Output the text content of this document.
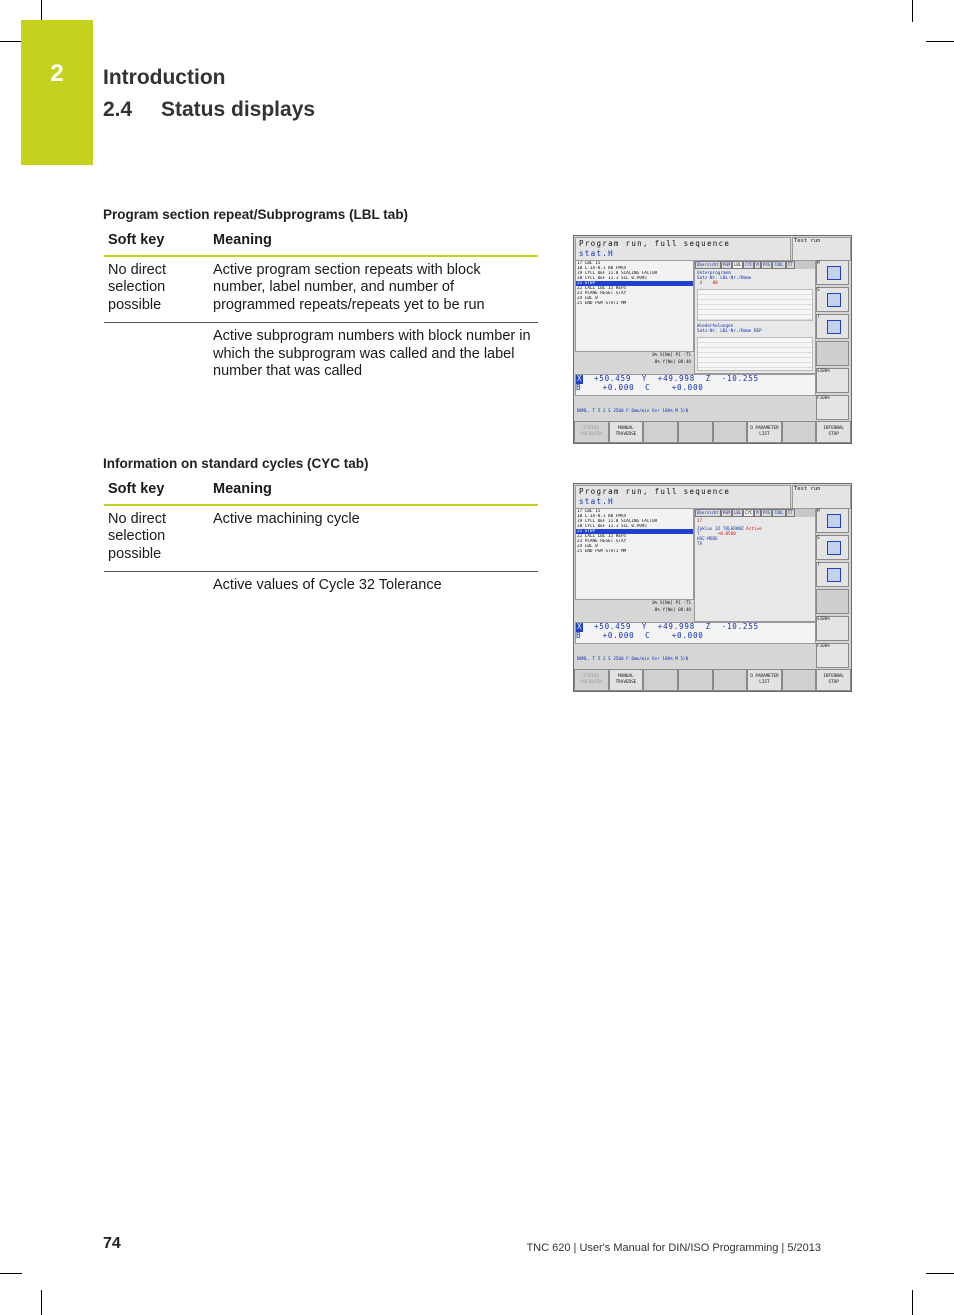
2	Introduction
2.4 Status displays
Program section repeat/Subprograms (LBL tab)
Soft key	Meaning
No direct selection possible	Active program section repeats with block number, label number, and number of programmed repeats/repeats yet to be run
	Active subprogram numbers with block number in which the subprogram was called and the label number that was called
Program run, full sequence
stat.H
Test run
17 LBL 15
18 L IX-0.1 R0 FMAX
19 CYCL DEF 11.0 SCALING FACTOR
20 CYCL DEF 11.1 SCL 0.9995
21 STOP
22 CALL LBL 15 REP5
23 PLANE RESET STAY
24 LBL 0
25 END PGM STAT1 MM
Übersicht	PGM	LBL	CYC	M	POS	TOOL	TT
Unterprogramm
Satz-Nr. LBL-Nr./Name
4 88
Wiederholungen
Satz-Nr. LBL-Nr./Name REP
0% X[Nm] P1 -T1
0% Y[Nm] 08:40
X +50.459 Y +49.998 Z -10.255
B	+0.000 C	+0.000
NOML. T 5 2 S 2500 F 0mm/min Ovr 100% M 5/8
M
S
T
S100%
F100%
STATUS OVERVIEW
MANUAL TRAVERSE
Q PARAMETER LIST
INTERNAL STOP
Information on standard cycles (CYC tab)
Soft key	Meaning
No direct selection possible	Active machining cycle
	Active values of Cycle 32 Tolerance
Program run, full sequence
stat.H
Test run
17 LBL 15
18 L IX-0.1 R0 FMAX
19 CYCL DEF 11.0 SCALING FACTOR
20 CYCL DEF 11.1 SCL 0.9995
21 STOP
22 CALL LBL 15 REP5
23 PLANE RESET STAY
24 LBL 0
25 END PGM STAT1 MM
Übersicht	PGM	LBL	CYC	M	POS	TOOL	TT
17
Zyklus 32 TOLERANZ Active
T	+0.0500
HSC-MODE
TA
0% X[Nm] P1 -T1
0% Y[Nm] 08:40
X +50.459 Y +49.998 Z -10.255
B	+0.000 C	+0.000
NOML. T 5 2 S 2500 F 0mm/min Ovr 100% M 5/8
M
S
T
S100%
F100%
STATUS OVERVIEW
MANUAL TRAVERSE
Q PARAMETER LIST
INTERNAL STOP
74	TNC 620 | User's Manual for DIN/ISO Programming | 5/2013
